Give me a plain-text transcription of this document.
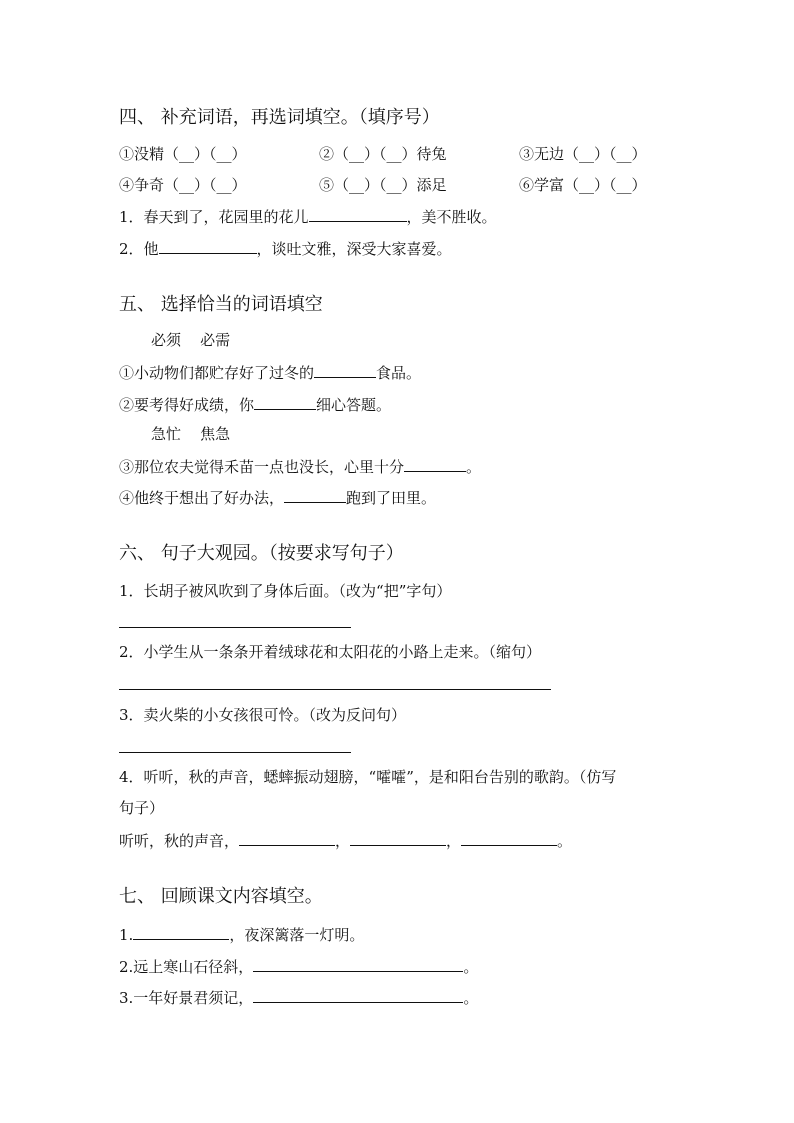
四、 补充词语，再选词填空。（填序号）
①没精（__）（__）	②（__）（__）待兔	③无边（__）（__）
④争奇（__）（__）	⑤（__）（__）添足	⑥学富（__）（__）
1．春天到了，花园里的花儿	，美不胜收。
2．他	，谈吐文雅，深受大家喜爱。
五、 选择恰当的词语填空
必须    必需
①小动物们都贮存好了过冬的	食品。
②要考得好成绩，你	细心答题。
急忙    焦急
③那位农夫觉得禾苗一点也没长，心里十分	。
④他终于想出了好办法，	跑到了田里。
六、 句子大观园。（按要求写句子）
1．长胡子被风吹到了身体后面。（改为“把”字句）
2．小学生从一条条开着绒球花和太阳花的小路上走来。（缩句）
3．卖火柴的小女孩很可怜。（改为反问句）
4．听听，秋的声音，蟋蟀振动翅膀，“嚯嚯”，是和阳台告别的歌韵。（仿写
句子）
听听，秋的声音，	，	，	。
七、 回顾课文内容填空。
1.	，夜深篱落一灯明。
2.远上寒山石径斜，	。
3.一年好景君须记，	。
